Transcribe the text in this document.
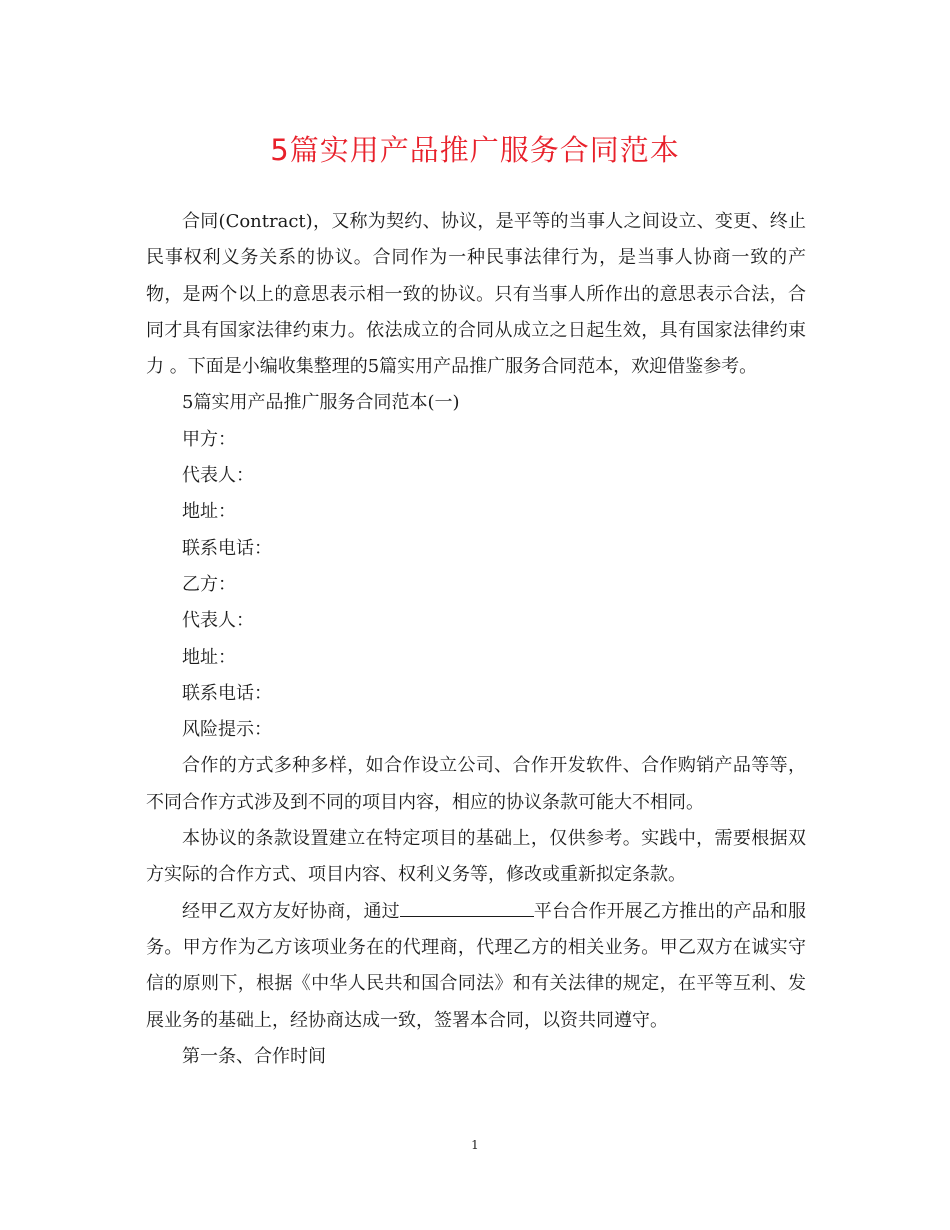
5篇实用产品推广服务合同范本

合同(Contract)，又称为契约、协议，是平等的当事人之间设立、变更、终止民事权利义务关系的协议。合同作为一种民事法律行为，是当事人协商一致的产物，是两个以上的意思表示相一致的协议。只有当事人所作出的意思表示合法，合同才具有国家法律约束力。依法成立的合同从成立之日起生效，具有国家法律约束力 。下面是小编收集整理的5篇实用产品推广服务合同范本，欢迎借鉴参考。

5篇实用产品推广服务合同范本(一)

甲方：

代表人：

地址：

联系电话：

乙方：

代表人：

地址：

联系电话：

风险提示：

合作的方式多种多样，如合作设立公司、合作开发软件、合作购销产品等等，不同合作方式涉及到不同的项目内容，相应的协议条款可能大不相同。

本协议的条款设置建立在特定项目的基础上，仅供参考。实践中，需要根据双方实际的合作方式、项目内容、权利义务等，修改或重新拟定条款。

经甲乙双方友好协商，通过	平台合作开展乙方推出的产品和服务。甲方作为乙方该项业务在的代理商，代理乙方的相关业务。甲乙双方在诚实守信的原则下，根据《中华人民共和国合同法》和有关法律的规定，在平等互利、发展业务的基础上，经协商达成一致，签署本合同，以资共同遵守。

第一条、合作时间

1
